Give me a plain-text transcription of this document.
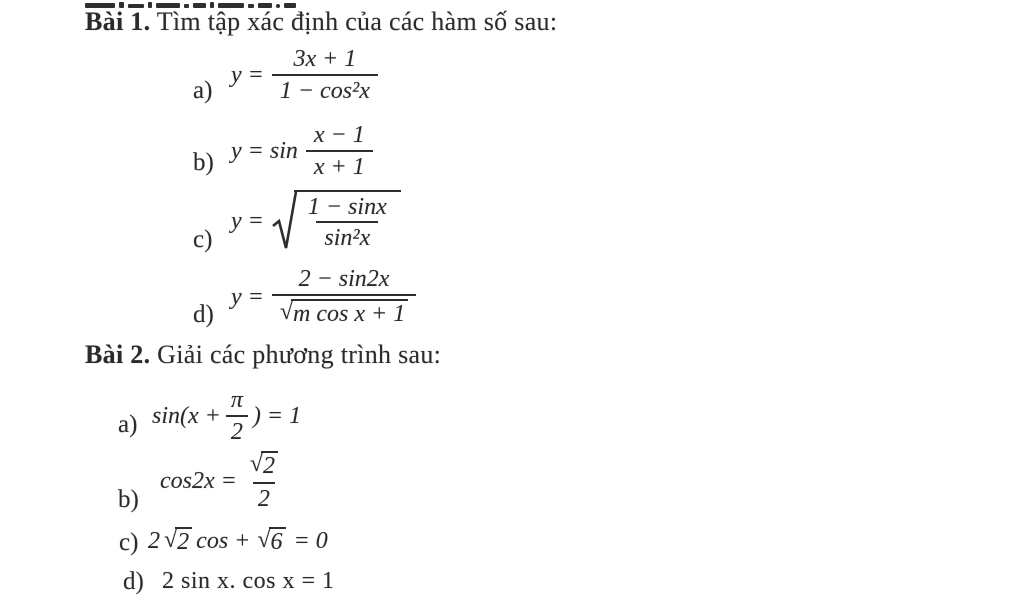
Bài 1. Tìm tập xác định của các hàm số sau:
a)
$y = \frac{3x + 1}{\text{1 − cos²x}}$
b) $y = \sin \frac{x - 1}{x + 1}$
c)
$y = \frac{1 - \sin x}{\text{sin²x}}$
d)
$y = \frac{2 - \sin 2x}{\text{√ m cos x + 1}}$
Bài 2. Giải các phương trình sau:
a) $\sin(x + \frac{\pi}{2}$ ) = 1
b)
$\cos 2x = \frac{√ 2}{2}$
c) 2 √ 2 cos + √ 6 = 0
d) 2 sin x. cos x = 1
